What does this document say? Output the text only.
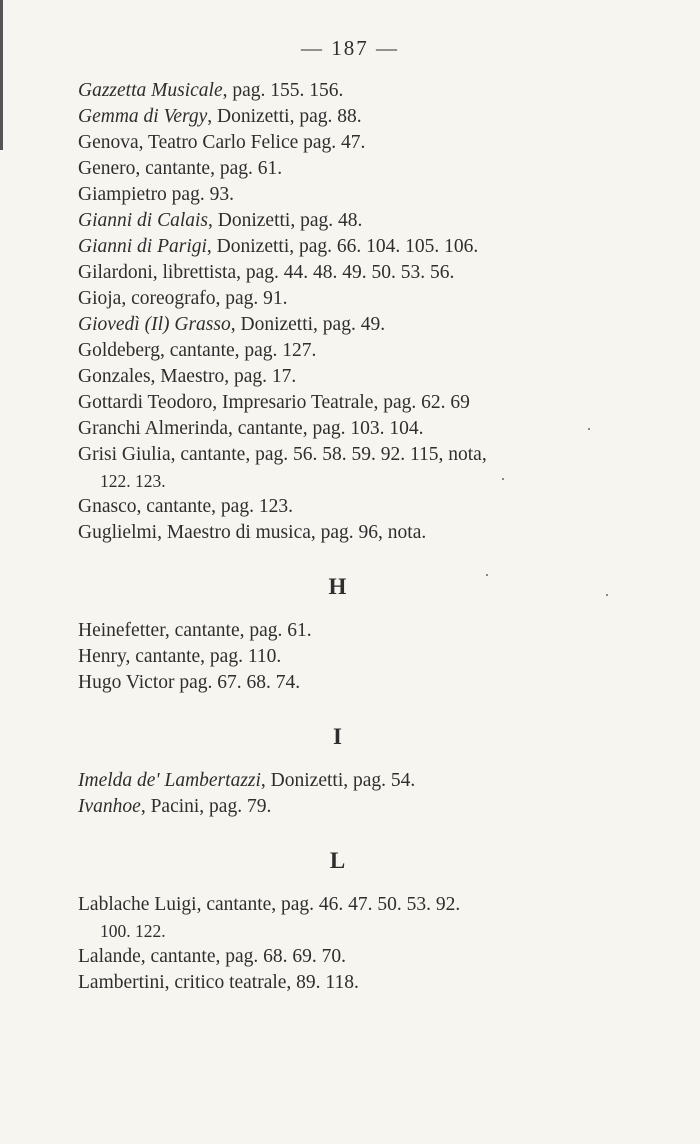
— 187 —
Gazzetta Musicale, pag. 155. 156.
Gemma di Vergy, Donizetti, pag. 88.
Genova, Teatro Carlo Felice pag. 47.
Genero, cantante, pag. 61.
Giampietro pag. 93.
Gianni di Calais, Donizetti, pag. 48.
Gianni di Parigi, Donizetti, pag. 66. 104. 105. 106.
Gilardoni, librettista, pag. 44. 48. 49. 50. 53. 56.
Gioja, coreografo, pag. 91.
Giovedì (Il) Grasso, Donizetti, pag. 49.
Goldeberg, cantante, pag. 127.
Gonzales, Maestro, pag. 17.
Gottardi Teodoro, Impresario Teatrale, pag. 62. 69
Granchi Almerinda, cantante, pag. 103. 104.
Grisi Giulia, cantante, pag. 56. 58. 59. 92. 115, nota,
122. 123.
Gnasco, cantante, pag. 123.
Guglielmi, Maestro di musica, pag. 96, nota.
H
Heinefetter, cantante, pag. 61.
Henry, cantante, pag. 110.
Hugo Victor pag. 67. 68. 74.
I
Imelda de' Lambertazzi, Donizetti, pag. 54.
Ivanhoe, Pacini, pag. 79.
L
Lablache Luigi, cantante, pag. 46. 47. 50. 53. 92.
100. 122.
Lalande, cantante, pag. 68. 69. 70.
Lambertini, critico teatrale, 89. 118.
